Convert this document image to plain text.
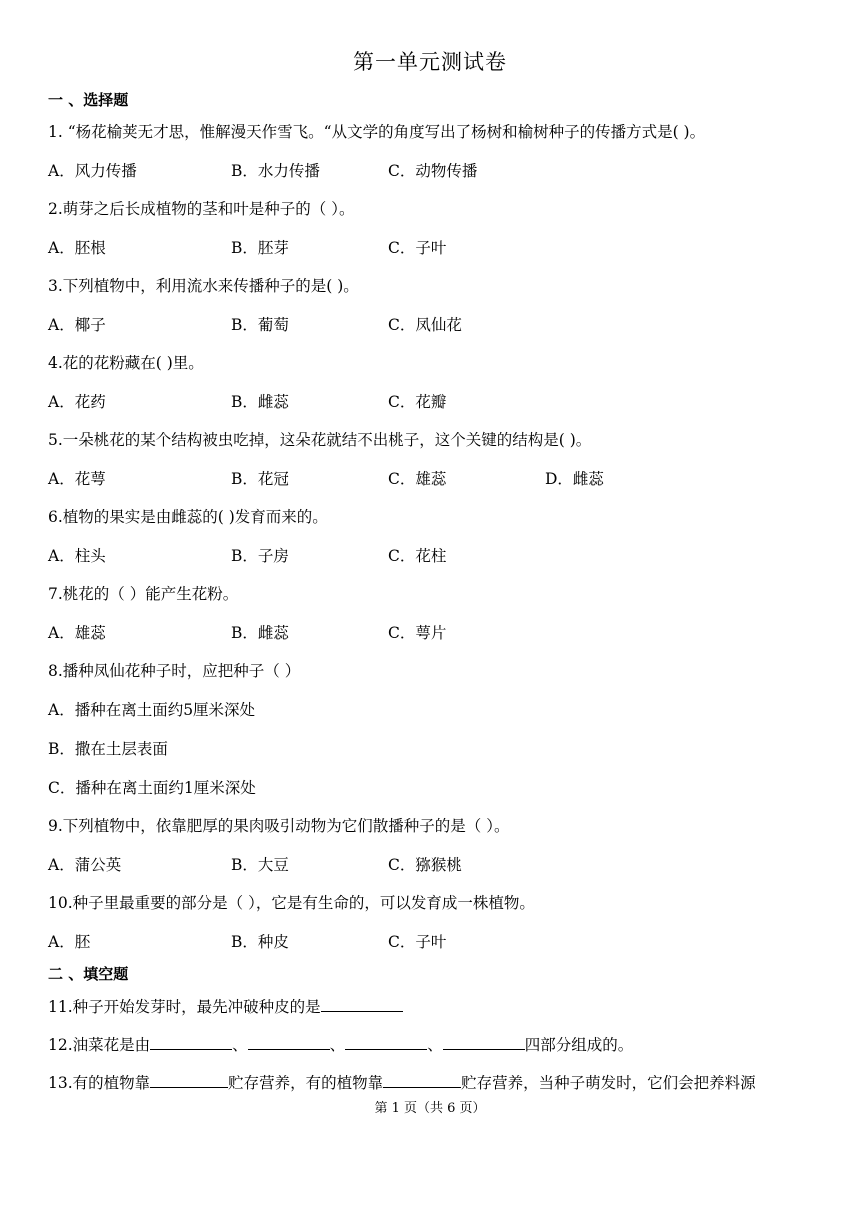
第一单元测试卷
一 、选择题
1. “杨花榆荚无才思，惟解漫天作雪飞。“从文学的角度写出了杨树和榆树种子的传播方式是( )。
A．风力传播	B．水力传播	C．动物传播
2.萌芽之后长成植物的茎和叶是种子的（ ）。
A．胚根	B．胚芽	C．子叶
3.下列植物中，利用流水来传播种子的是( )。
A．椰子	B．葡萄	C．凤仙花
4.花的花粉藏在( )里。
A．花药	B．雌蕊	C．花瓣
5.一朵桃花的某个结构被虫吃掉，这朵花就结不出桃子，这个关键的结构是( )。
A．花萼	B．花冠	C．雄蕊	D．雌蕊
6.植物的果实是由雌蕊的( )发育而来的。
A．柱头	B．子房	C．花柱
7.桃花的（ ）能产生花粉。
A．雄蕊	B．雌蕊	C．萼片
8.播种凤仙花种子时，应把种子（ ）
A．播种在离土面约5厘米深处
B．撒在土层表面
C．播种在离土面约1厘米深处
9.下列植物中，依靠肥厚的果肉吸引动物为它们散播种子的是（ ）。
A．蒲公英	B．大豆	C．猕猴桃
10.种子里最重要的部分是（ ），它是有生命的，可以发育成一株植物。
A．胚	B．种皮	C．子叶
二 、填空题
11.种子开始发芽时，最先冲破种皮的是
12.油菜花是由	、	、	、	四部分组成的。
13.有的植物靠	贮存营养，有的植物靠	贮存营养，当种子萌发时，它们会把养料源
第 1 页（共 6 页）
